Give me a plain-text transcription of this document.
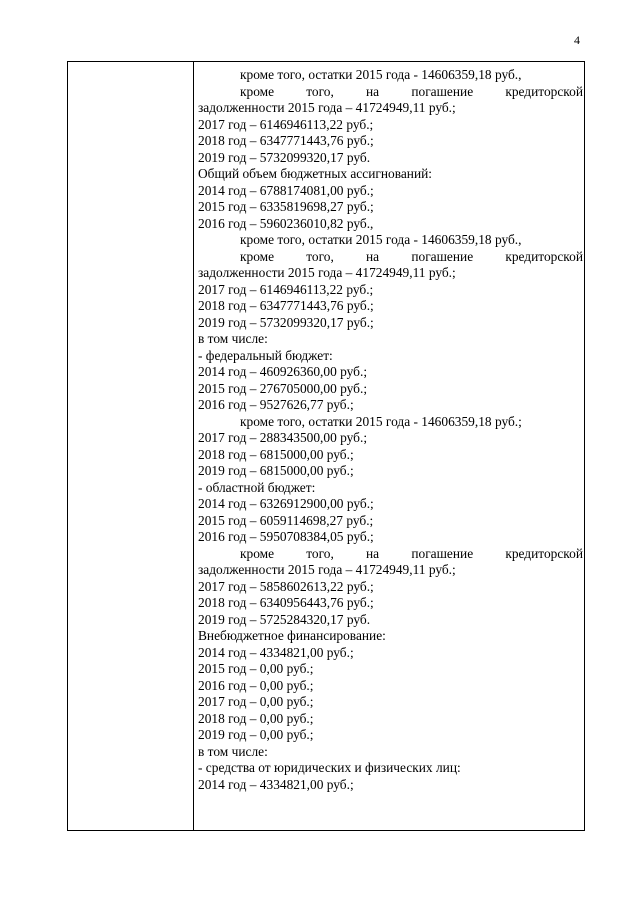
4
кроме того, остатки 2015 года - 14606359,18 руб.,
кроме того, на погашение кредиторской
задолженности 2015 года – 41724949,11 руб.;
2017 год – 6146946113,22 руб.;
2018 год – 6347771443,76 руб.;
2019 год – 5732099320,17 руб.
Общий объем бюджетных ассигнований:
2014 год – 6788174081,00 руб.;
2015 год – 6335819698,27 руб.;
2016 год – 5960236010,82 руб.,
кроме того, остатки 2015 года - 14606359,18 руб.,
кроме того, на погашение кредиторской
задолженности 2015 года – 41724949,11 руб.;
2017 год – 6146946113,22 руб.;
2018 год – 6347771443,76 руб.;
2019 год – 5732099320,17 руб.;
в том числе:
- федеральный бюджет:
2014 год – 460926360,00 руб.;
2015 год – 276705000,00 руб.;
2016 год – 9527626,77 руб.;
кроме того, остатки 2015 года - 14606359,18 руб.;
2017 год – 288343500,00 руб.;
2018 год – 6815000,00 руб.;
2019 год – 6815000,00 руб.;
- областной бюджет:
2014 год – 6326912900,00 руб.;
2015 год – 6059114698,27 руб.;
2016 год – 5950708384,05 руб.;
кроме того, на погашение кредиторской
задолженности 2015 года – 41724949,11 руб.;
2017 год – 5858602613,22 руб.;
2018 год – 6340956443,76 руб.;
2019 год – 5725284320,17 руб.
Внебюджетное финансирование:
2014 год – 4334821,00 руб.;
2015 год – 0,00 руб.;
2016 год – 0,00 руб.;
2017 год – 0,00 руб.;
2018 год – 0,00 руб.;
2019 год – 0,00 руб.;
в том числе:
- средства от юридических и физических лиц:
2014 год – 4334821,00 руб.;
